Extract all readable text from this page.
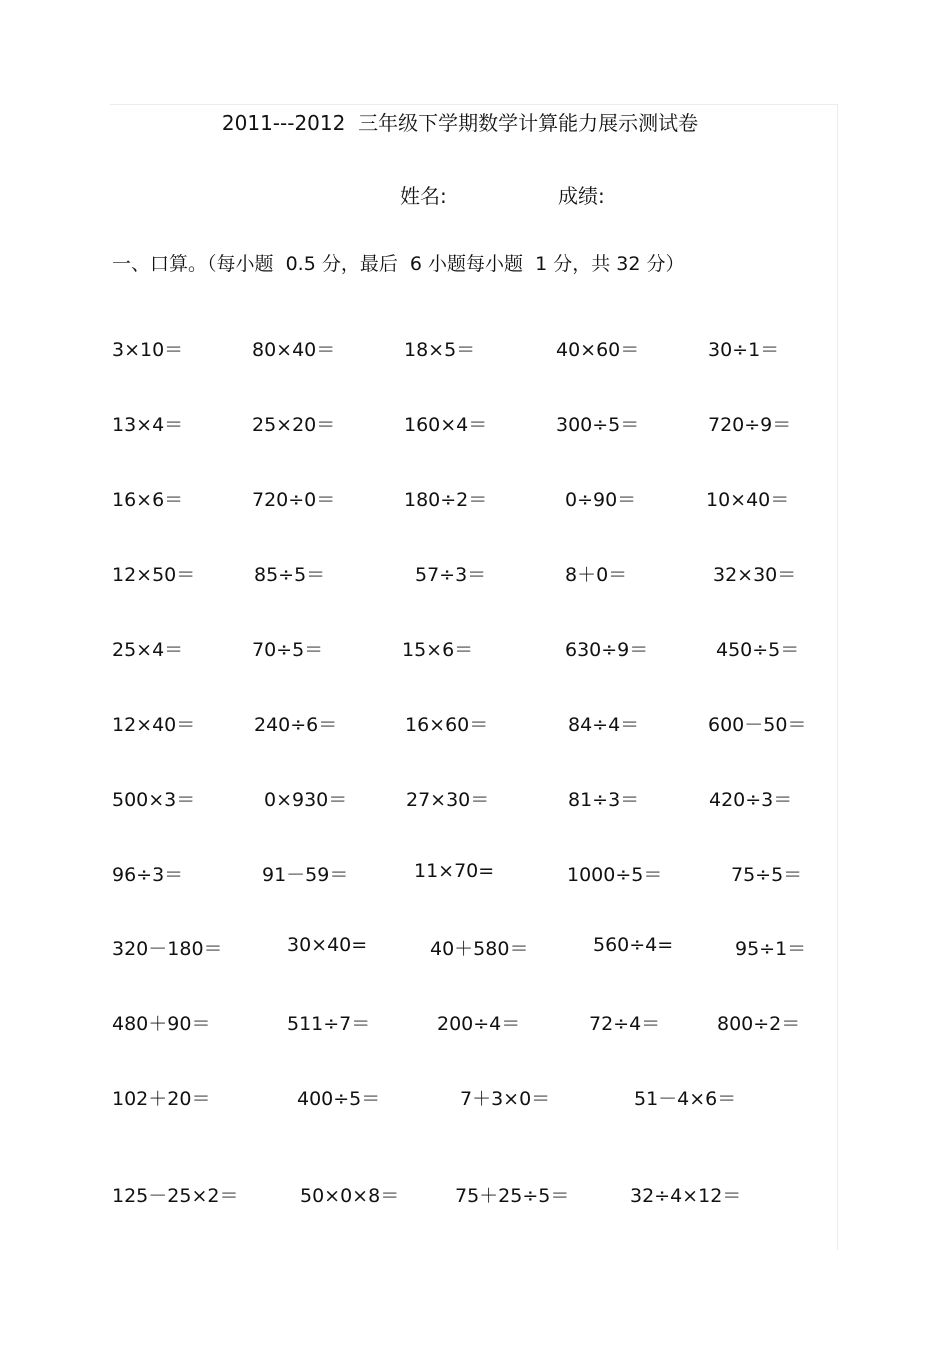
2011---2012  三年级下学期数学计算能力展示测试卷
姓名:	成绩:
一、口算。（每小题  0.5 分，最后  6 小题每小题  1 分，共 32 分）
3×10＝	80×40＝	18×5＝	40×60＝	30÷1＝
13×4＝	25×20＝	160×4＝	300÷5＝	720÷9＝
16×6＝	720÷0＝	180÷2＝	0÷90＝	10×40＝
12×50＝	85÷5＝	57÷3＝	8＋0＝	32×30＝
25×4＝	70÷5＝	15×6＝	630÷9＝	450÷5＝
12×40＝	240÷6＝	16×60＝	84÷4＝	600－50＝
500×3＝	0×930＝	27×30＝	81÷3＝	420÷3＝
96÷3＝	91－59＝	11×70=	1000÷5＝	75÷5＝
320－180＝	30×40=	40＋580＝	560÷4=	95÷1＝
480＋90＝	511÷7＝	200÷4＝	72÷4＝	800÷2＝
102＋20＝	400÷5＝	7＋3×0＝	51－4×6＝
125－25×2＝	50×0×8＝	75＋25÷5＝	32÷4×12＝
